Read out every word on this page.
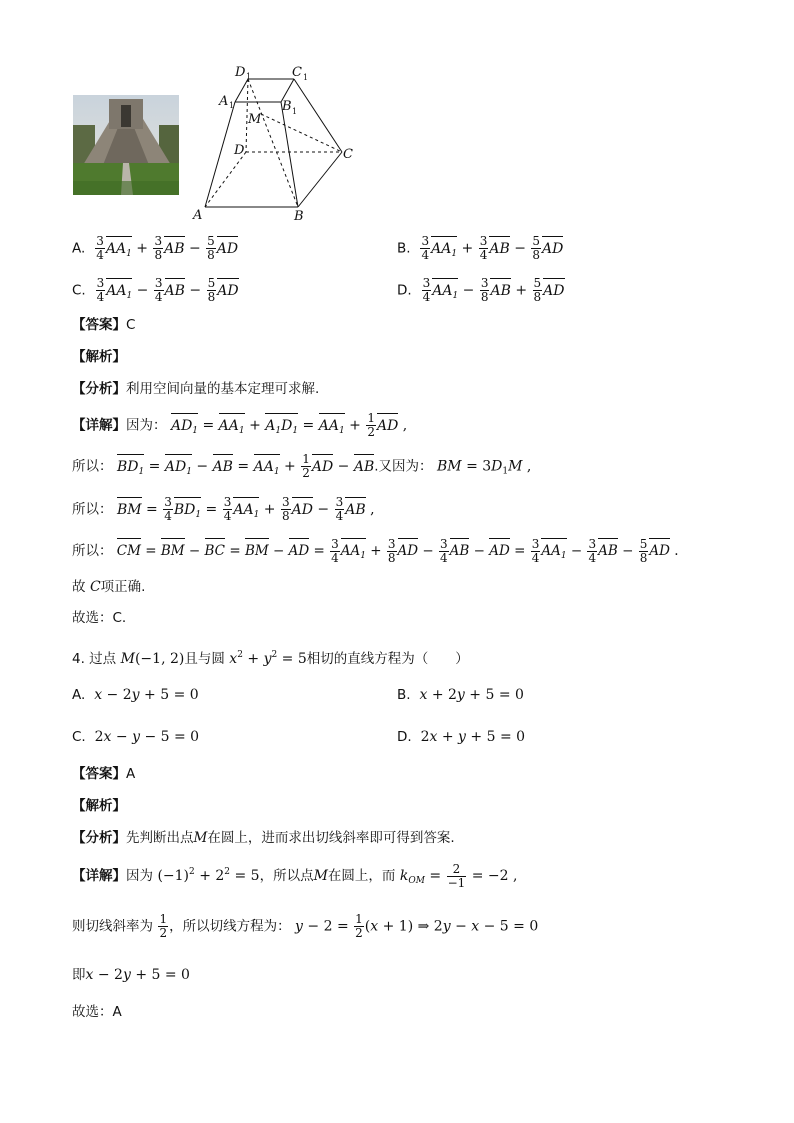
D 1	C 1
A 1	B 1
M
D	C
A	B
A. $\frac{3}{4} AA_1 + \frac{3}{8}$ AB − $\frac{5}{8}$ AD	B. $\frac{3}{4} AA_1 + \frac{3}{4}$ AB − $\frac{5}{8}$ AD
C. $\frac{3}{4} AA_1 - \frac{3}{4}$ AB − $\frac{5}{8}$ AD	D. $\frac{3}{4} AA_1 - \frac{3}{8}$ AB + $\frac{5}{8}$ AD
【答案】C
【解析】
【分析】利用空间向量的基本定理可求解.
【详解】因为： $AD_1 = AA_1 + A_1D_1 = AA_1 + \frac{1}{2}$ AD ,
所以： $BD_1 = AD_1$ − AB = $AA_1 + \frac{1}{2}$ AD − AB.又因为： BM = $3D_1M$ ,
所以： BM = $\frac{3}{4} BD_1 = \frac{3}{4} AA_1 + \frac{3}{8}$ AD − $\frac{3}{4}$ AB ,
所以： CM = BM − BC = BM − AD = $\frac{3}{4} AA_1 + \frac{3}{8}$ AD − $\frac{3}{4}$ AB − AD = $\frac{3}{4} AA_1 - \frac{3}{4}$ AB − $\frac{5}{8}$ AD .
故 C项正确.
故选：C.
4. 过点 M(−1, 2)且与圆 $x^2 + y^2 = 5$相切的直线方程为（　　）
A. x − 2y + 5 = 0	B. x + 2y + 5 = 0
C.  2x − y − 5 = 0	D.  2x + y + 5 = 0
【答案】A
【解析】
【分析】先判断出点M在圆上，进而求出切线斜率即可得到答案.
【详解】因为 $(-1)^2 + 2^2 = 5$，所以点M在圆上，而 $k_{OM} = \frac{2}{-1} = -2$ ,
则切线斜率为 $\frac{1}{2}$ ，所以切线方程为： $y - 2 = \frac{1}{2} (x + 1)$ ⇒ 2y − x − 5 = 0
即x − 2y + 5 = 0
故选：A
